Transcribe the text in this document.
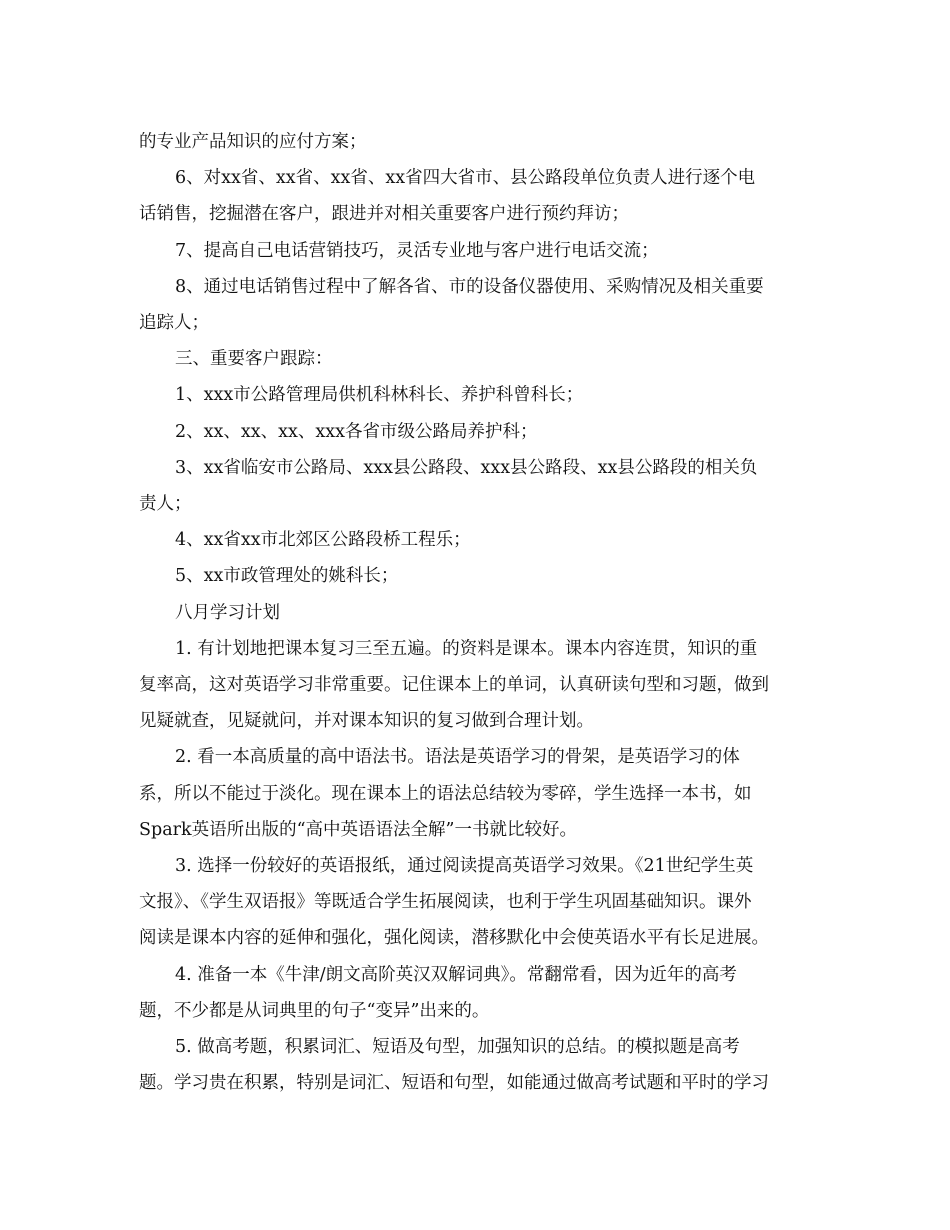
的专业产品知识的应付方案；

6、对xx省、xx省、xx省、xx省四大省市、县公路段单位负责人进行逐个电

话销售，挖掘潜在客户，跟进并对相关重要客户进行预约拜访；

7、提高自己电话营销技巧，灵活专业地与客户进行电话交流；

8、通过电话销售过程中了解各省、市的设备仪器使用、采购情况及相关重要

追踪人；

三、重要客户跟踪：

1、xxx市公路管理局供机科林科长、养护科曾科长；

2、xx、xx、xx、xxx各省市级公路局养护科；

3、xx省临安市公路局、xxx县公路段、xxx县公路段、xx县公路段的相关负

责人；

4、xx省xx市北郊区公路段桥工程乐；

5、xx市政管理处的姚科长；

八月学习计划

1. 有计划地把课本复习三至五遍。的资料是课本。课本内容连贯，知识的重

复率高，这对英语学习非常重要。记住课本上的单词，认真研读句型和习题，做到

见疑就查，见疑就问，并对课本知识的复习做到合理计划。

2. 看一本高质量的高中语法书。语法是英语学习的骨架，是英语学习的体

系，所以不能过于淡化。现在课本上的语法总结较为零碎，学生选择一本书，如

Spark英语所出版的“高中英语语法全解”一书就比较好。

3. 选择一份较好的英语报纸，通过阅读提高英语学习效果。《21世纪学生英

文报》、《学生双语报》等既适合学生拓展阅读，也利于学生巩固基础知识。课外

阅读是课本内容的延伸和强化，强化阅读，潜移默化中会使英语水平有长足进展。

4. 准备一本《牛津/朗文高阶英汉双解词典》。常翻常看，因为近年的高考

题，不少都是从词典里的句子“变异”出来的。

5. 做高考题，积累词汇、短语及句型，加强知识的总结。的模拟题是高考

题。学习贵在积累，特别是词汇、短语和句型，如能通过做高考试题和平时的学习
